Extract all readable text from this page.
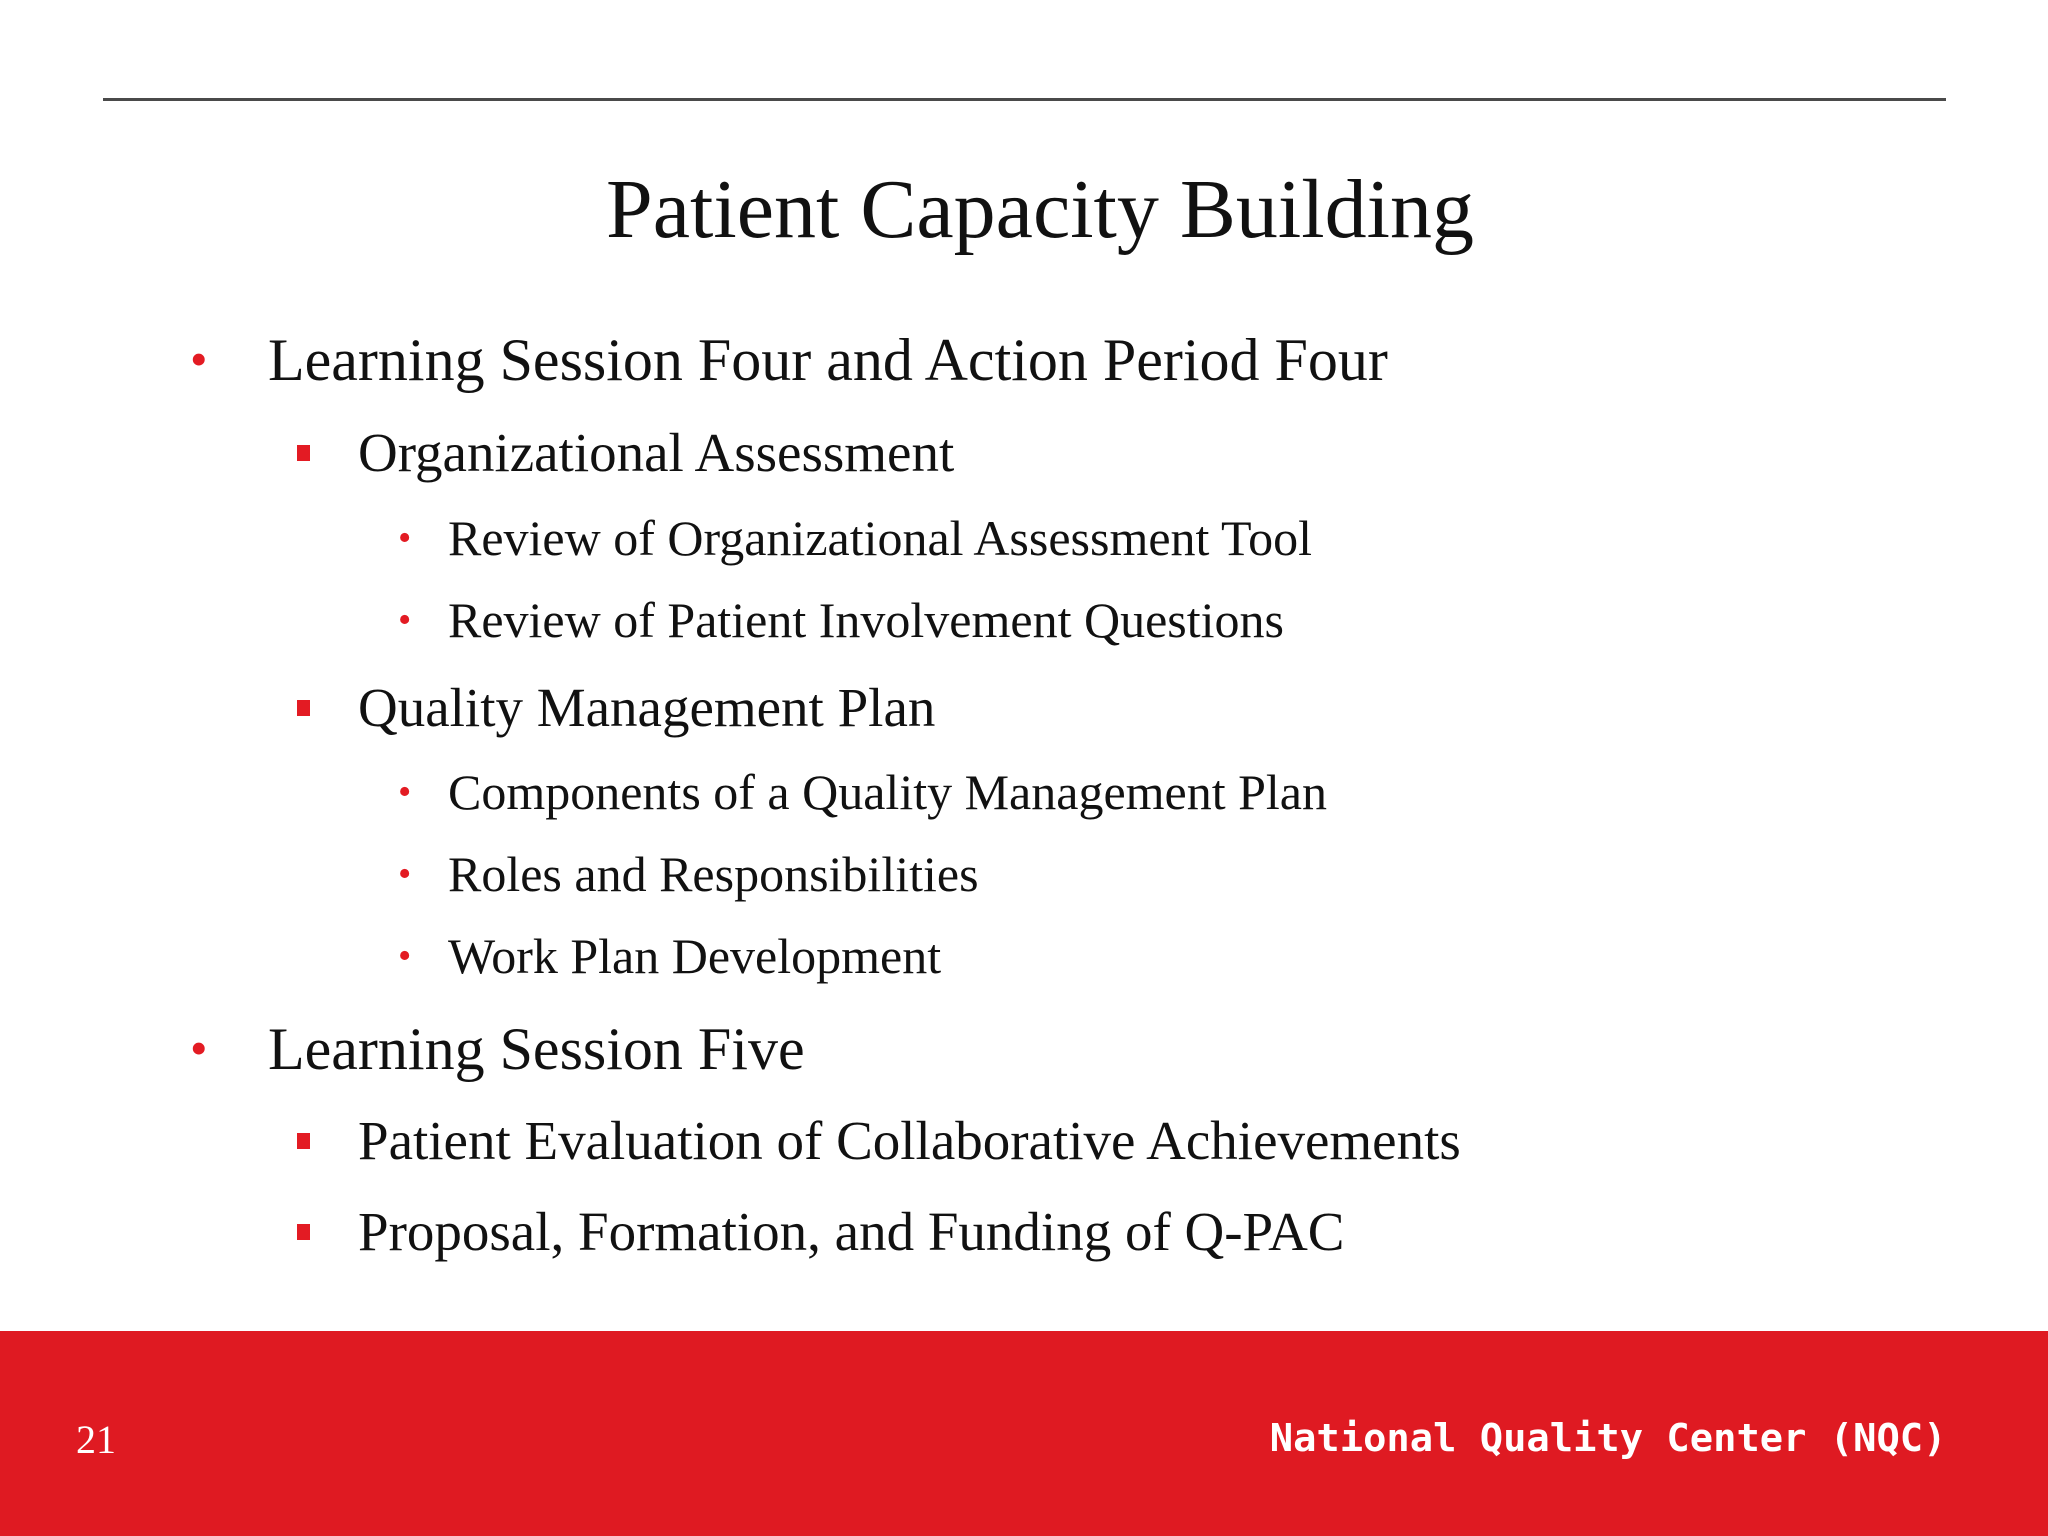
Patient Capacity Building
• Learning Session Four and Action Period Four
Organizational Assessment
• Review of Organizational Assessment Tool
• Review of Patient Involvement Questions
Quality Management Plan
• Components of a Quality Management Plan
• Roles and Responsibilities
• Work Plan Development
• Learning Session Five
Patient Evaluation of Collaborative Achievements
Proposal, Formation, and Funding of Q-PAC
21	National Quality Center (NQC)
